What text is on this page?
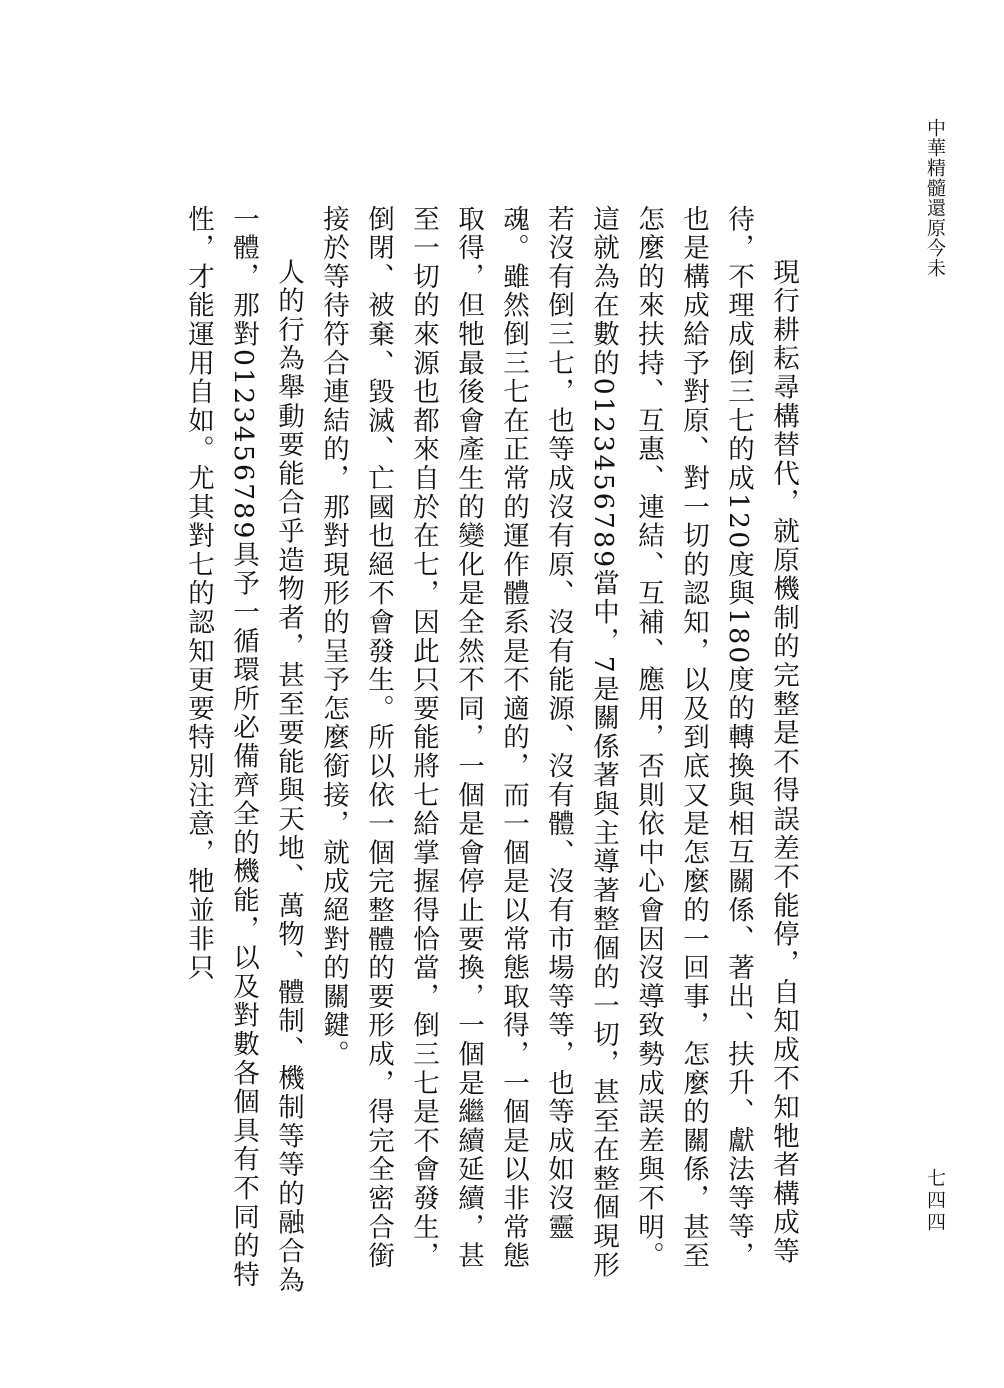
中華精髓還原今未

現行耕耘尋構替代，就原機制的完整是不得誤差不能停，自知成不知牠者構成等待，不理成倒三七的成120度與180度的轉換與相互關係、著出、扶升、獻法等等，也是構成給予對原、對一切的認知，以及到底又是怎麼的一回事，怎麼的關係，甚至怎麼的來扶持、互惠、連結、互補、應用，否則依中心會因沒導致勢成誤差與不明。這就為在數的0123456789當中，7是關係著與主導著整個的一切，甚至在整個現形若沒有倒三七，也等成沒有原、沒有能源、沒有體、沒有市場等等，也等成如沒靈魂。雖然倒三七在正常的運作體系是不適的，而一個是以常態取得，一個是以非常態取得，但牠最後會產生的變化是全然不同，一個是會停止要換，一個是繼續延續，甚至一切的來源也都來自於在七，因此只要能將七給掌握得恰當，倒三七是不會發生，倒閉、被棄、毀滅、亡國也絕不會發生。所以依一個完整體的要形成，得完全密合銜接於等待符合連結的，那對現形的呈予怎麼銜接，就成絕對的關鍵。

人的行為舉動要能合乎造物者，甚至要能與天地、萬物、體制、機制等等的融合為一體，那對0123456789具予一循環所必備齊全的機能，以及對數各個具有不同的特性，才能運用自如。尤其對七的認知更要特別注意，牠並非只

七四四
